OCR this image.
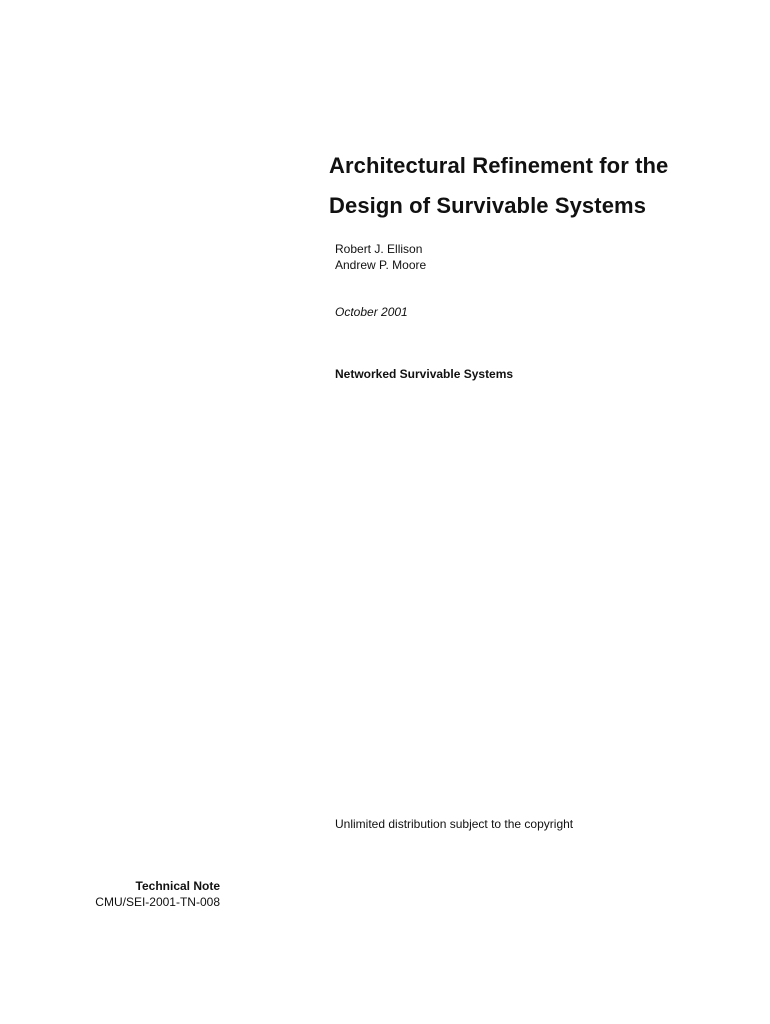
Architectural Refinement for the
Design of Survivable Systems
Robert J. Ellison
Andrew P. Moore
October 2001
Networked Survivable Systems
Unlimited distribution subject to the copyright
Technical Note
CMU/SEI-2001-TN-008
